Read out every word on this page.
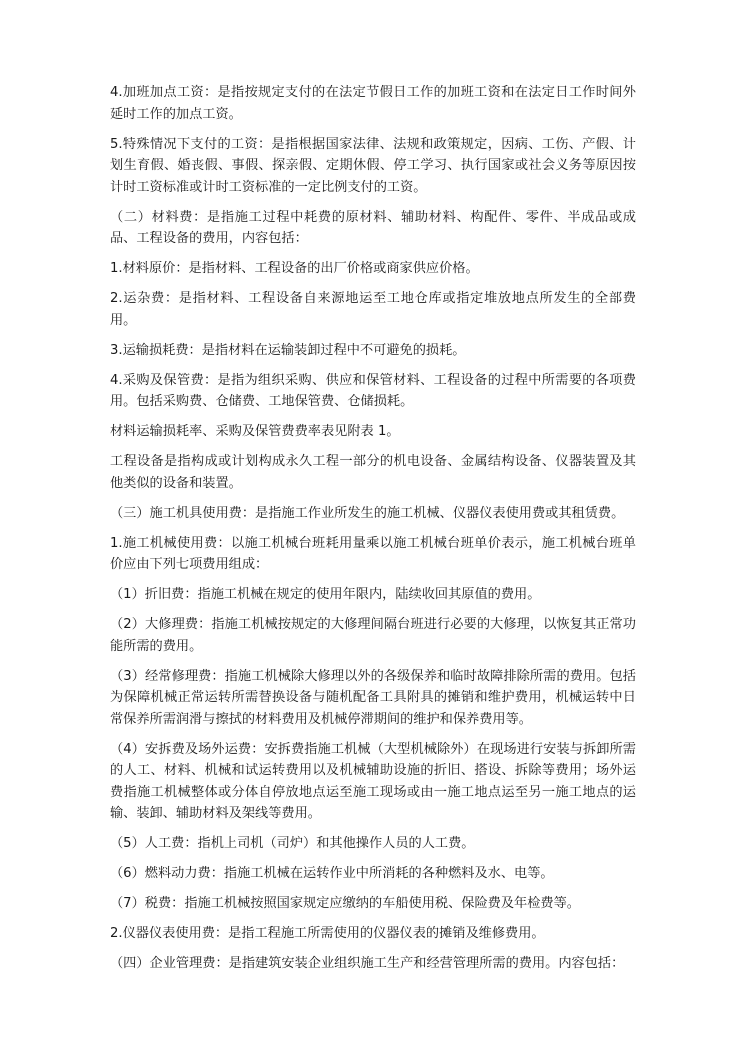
4.加班加点工资：是指按规定支付的在法定节假日工作的加班工资和在法定日工作时间外延时工作的加点工资。

5.特殊情况下支付的工资：是指根据国家法律、法规和政策规定，因病、工伤、产假、计划生育假、婚丧假、事假、探亲假、定期休假、停工学习、执行国家或社会义务等原因按计时工资标准或计时工资标准的一定比例支付的工资。

（二）材料费：是指施工过程中耗费的原材料、辅助材料、构配件、零件、半成品或成品、工程设备的费用，内容包括：

1.材料原价：是指材料、工程设备的出厂价格或商家供应价格。

2.运杂费：是指材料、工程设备自来源地运至工地仓库或指定堆放地点所发生的全部费用。

3.运输损耗费：是指材料在运输装卸过程中不可避免的损耗。

4.采购及保管费：是指为组织采购、供应和保管材料、工程设备的过程中所需要的各项费用。包括采购费、仓储费、工地保管费、仓储损耗。

材料运输损耗率、采购及保管费费率表见附表 1。

工程设备是指构成或计划构成永久工程一部分的机电设备、金属结构设备、仪器装置及其他类似的设备和装置。

（三）施工机具使用费：是指施工作业所发生的施工机械、仪器仪表使用费或其租赁费。

1.施工机械使用费：以施工机械台班耗用量乘以施工机械台班单价表示，施工机械台班单价应由下列七项费用组成：

（1）折旧费：指施工机械在规定的使用年限内，陆续收回其原值的费用。

（2）大修理费：指施工机械按规定的大修理间隔台班进行必要的大修理，以恢复其正常功能所需的费用。

（3）经常修理费：指施工机械除大修理以外的各级保养和临时故障排除所需的费用。包括为保障机械正常运转所需替换设备与随机配备工具附具的摊销和维护费用，机械运转中日常保养所需润滑与擦拭的材料费用及机械停滞期间的维护和保养费用等。

（4）安拆费及场外运费：安拆费指施工机械（大型机械除外）在现场进行安装与拆卸所需的人工、材料、机械和试运转费用以及机械辅助设施的折旧、搭设、拆除等费用；场外运费指施工机械整体或分体自停放地点运至施工现场或由一施工地点运至另一施工地点的运输、装卸、辅助材料及架线等费用。

（5）人工费：指机上司机（司炉）和其他操作人员的人工费。

（6）燃料动力费：指施工机械在运转作业中所消耗的各种燃料及水、电等。

（7）税费：指施工机械按照国家规定应缴纳的车船使用税、保险费及年检费等。

2.仪器仪表使用费：是指工程施工所需使用的仪器仪表的摊销及维修费用。

（四）企业管理费：是指建筑安装企业组织施工生产和经营管理所需的费用。内容包括：
